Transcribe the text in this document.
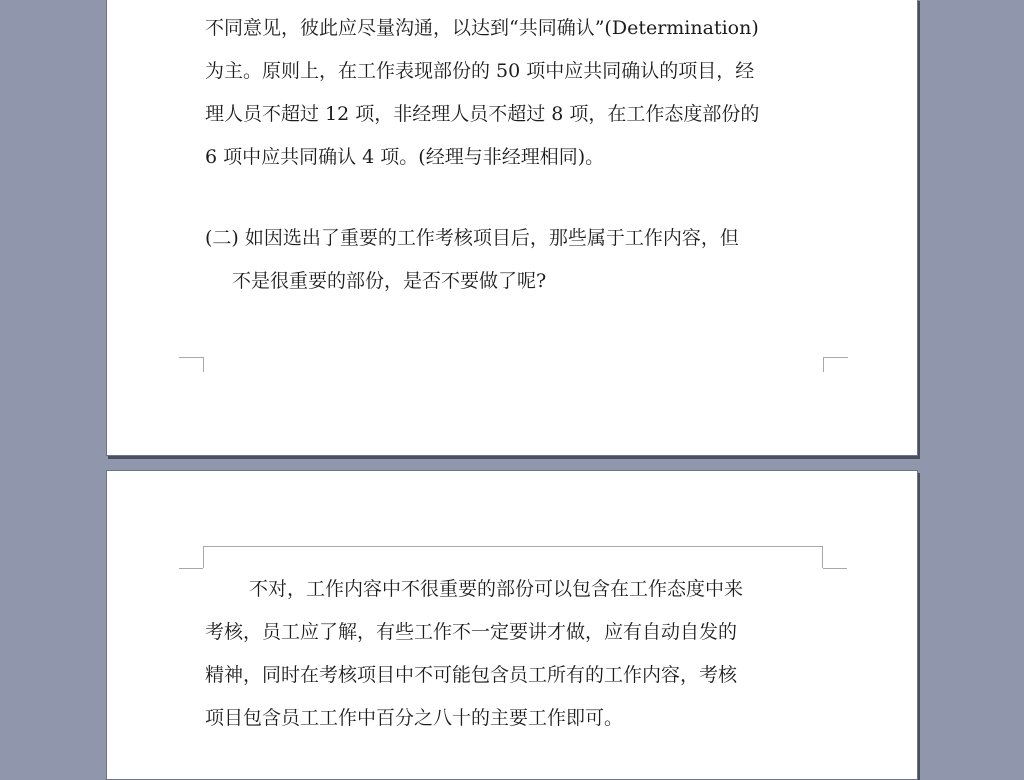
不同意见，彼此应尽量沟通，以达到“共同确认”(Determination)
为主。原则上，在工作表现部份的 50 项中应共同确认的项目，经
理人员不超过 12 项，非经理人员不超过 8 项，在工作态度部份的
6 项中应共同确认 4 项。(经理与非经理相同)。
(二) 如因选出了重要的工作考核项目后，那些属于工作内容，但
不是很重要的部份，是否不要做了呢?
不对，工作内容中不很重要的部份可以包含在工作态度中来
考核，员工应了解，有些工作不一定要讲才做，应有自动自发的
精神，同时在考核项目中不可能包含员工所有的工作内容，考核
项目包含员工工作中百分之八十的主要工作即可。
